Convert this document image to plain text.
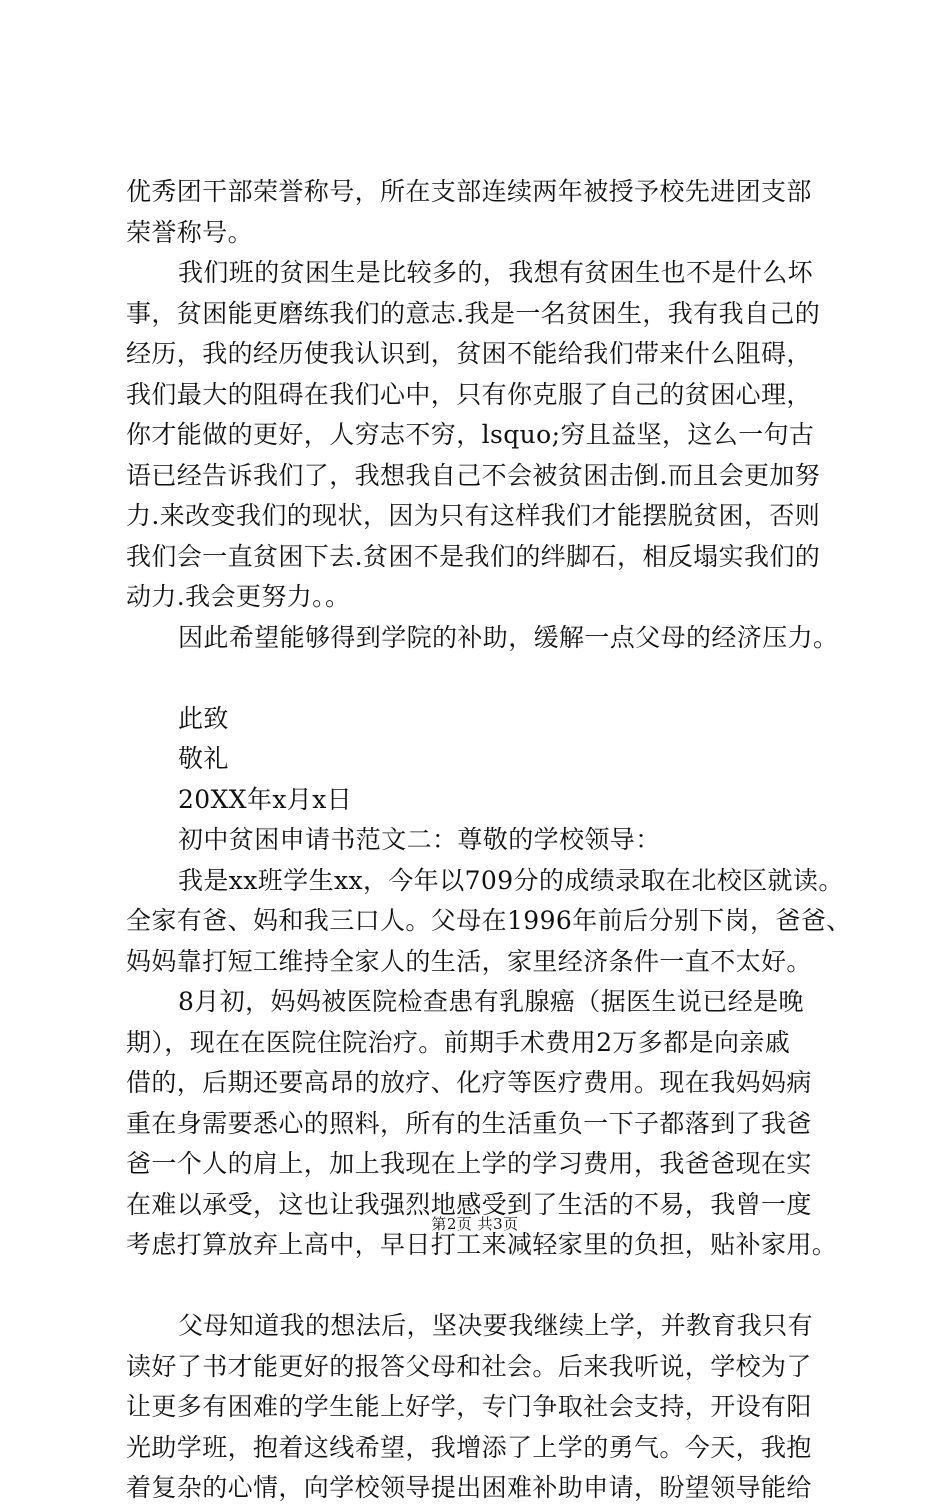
优秀团干部荣誉称号，所在支部连续两年被授予校先进团支部
荣誉称号。
我们班的贫困生是比较多的，我想有贫困生也不是什么坏
事，贫困能更磨练我们的意志.我是一名贫困生，我有我自己的
经历，我的经历使我认识到，贫困不能给我们带来什么阻碍，
我们最大的阻碍在我们心中，只有你克服了自己的贫困心理，
你才能做的更好，人穷志不穷，lsquo;穷且益坚，这么一句古
语已经告诉我们了，我想我自己不会被贫困击倒.而且会更加努
力.来改变我们的现状，因为只有这样我们才能摆脱贫困，否则
我们会一直贫困下去.贫困不是我们的绊脚石，相反塌实我们的
动力.我会更努力。。
因此希望能够得到学院的补助，缓解一点父母的经济压力。
此致
敬礼
20XX年x月x日
初中贫困申请书范文二：尊敬的学校领导：
我是xx班学生xx，今年以709分的成绩录取在北校区就读。
全家有爸、妈和我三口人。父母在1996年前后分别下岗，爸爸、
妈妈靠打短工维持全家人的生活，家里经济条件一直不太好。
8月初，妈妈被医院检查患有乳腺癌（据医生说已经是晚
期），现在在医院住院治疗。前期手术费用2万多都是向亲戚
借的，后期还要高昂的放疗、化疗等医疗费用。现在我妈妈病
重在身需要悉心的照料，所有的生活重负一下子都落到了我爸
爸一个人的肩上，加上我现在上学的学习费用，我爸爸现在实
在难以承受，这也让我强烈地感受到了生活的不易，我曾一度
考虑打算放弃上高中，早日打工来减轻家里的负担，贴补家用。
父母知道我的想法后，坚决要我继续上学，并教育我只有
读好了书才能更好的报答父母和社会。后来我听说，学校为了
让更多有困难的学生能上好学，专门争取社会支持，开设有阳
光助学班，抱着这线希望，我增添了上学的勇气。今天，我抱
着复杂的心情，向学校领导提出困难补助申请，盼望领导能给
第2页 共3页
